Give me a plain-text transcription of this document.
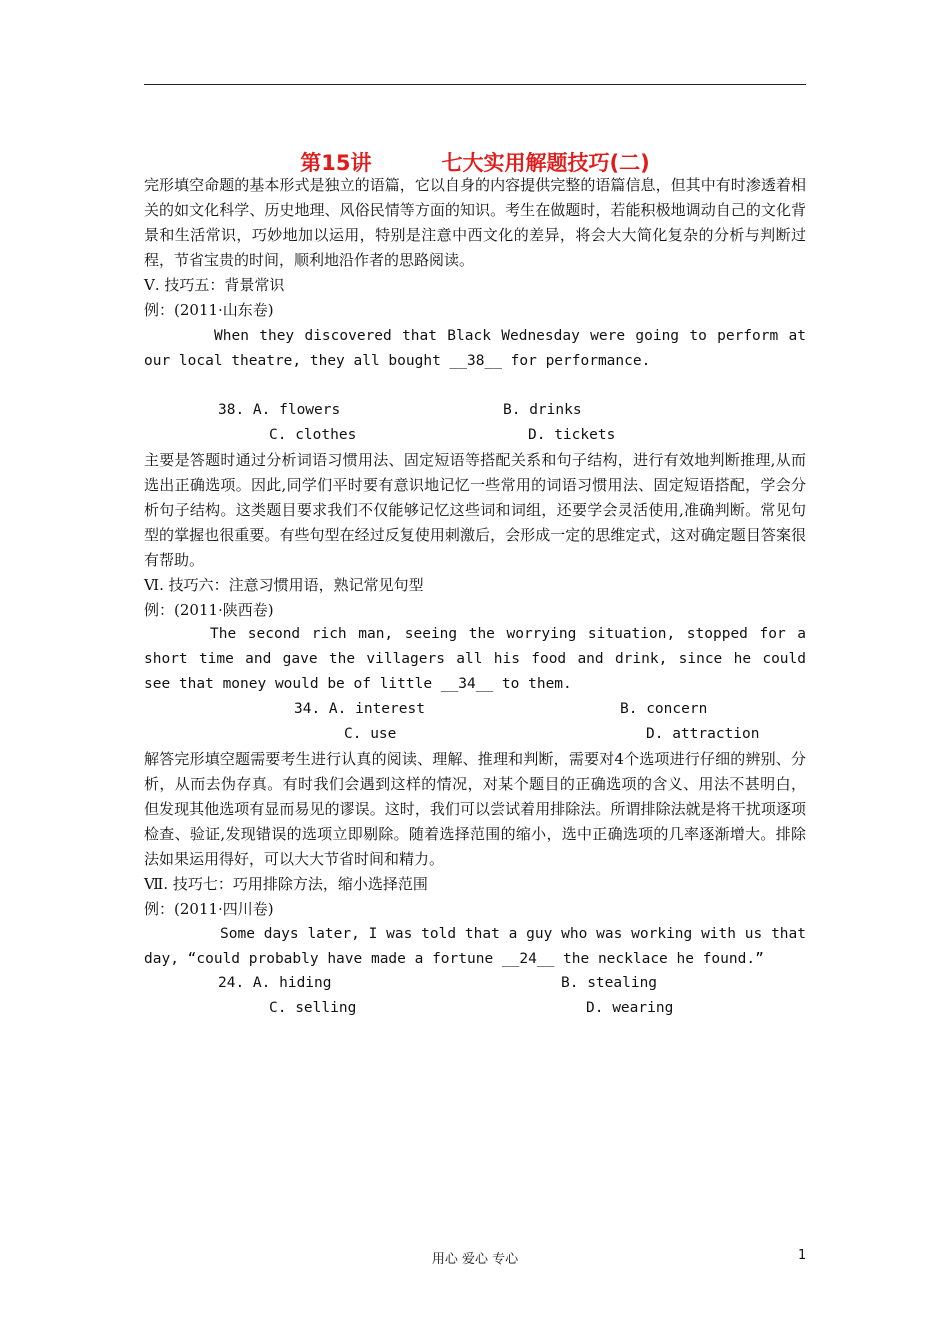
第15讲	七大实用解题技巧(二)
完形填空命题的基本形式是独立的语篇，它以自身的内容提供完整的语篇信息，但其中有时渗透着相关的如文化科学、历史地理、风俗民情等方面的知识。考生在做题时，若能积极地调动自己的文化背景和生活常识，巧妙地加以运用，特别是注意中西文化的差异，将会大大简化复杂的分析与判断过程，节省宝贵的时间，顺利地沿作者的思路阅读。
Ⅴ. 技巧五：背景常识
例：(2011·山东卷)
When they discovered that Black Wednesday were going to perform at our local theatre, they all bought __38__ for performance.
38. A. flowers	B. drinks
C. clothes	D. tickets
主要是答题时通过分析词语习惯用法、固定短语等搭配关系和句子结构，进行有效地判断推理,从而选出正确选项。因此,同学们平时要有意识地记忆一些常用的词语习惯用法、固定短语搭配，学会分析句子结构。这类题目要求我们不仅能够记忆这些词和词组，还要学会灵活使用,准确判断。常见句型的掌握也很重要。有些句型在经过反复使用刺激后，会形成一定的思维定式，这对确定题目答案很有帮助。
Ⅵ. 技巧六：注意习惯用语，熟记常见句型
例：(2011·陕西卷)
The second rich man, seeing the worrying situation, stopped for a short time and gave the villagers all his food and drink, since he could see that money would be of little __34__ to them.
34. A. interest	B. concern
C. use	D. attraction
解答完形填空题需要考生进行认真的阅读、理解、推理和判断，需要对4个选项进行仔细的辨别、分析，从而去伪存真。有时我们会遇到这样的情况，对某个题目的正确选项的含义、用法不甚明白， 但发现其他选项有显而易见的谬误。这时，我们可以尝试着用排除法。所谓排除法就是将干扰项逐项检查、验证,发现错误的选项立即剔除。随着选择范围的缩小，选中正确选项的几率逐渐增大。排除法如果运用得好，可以大大节省时间和精力。
Ⅶ. 技巧七：巧用排除方法，缩小选择范围
例：(2011·四川卷)
Some days later, I was told that a guy who was working with us that day, “could probably have made a fortune __24__ the necklace he found.”
24. A. hiding	B. stealing
C. selling	D. wearing
用心 爱心 专心	1
